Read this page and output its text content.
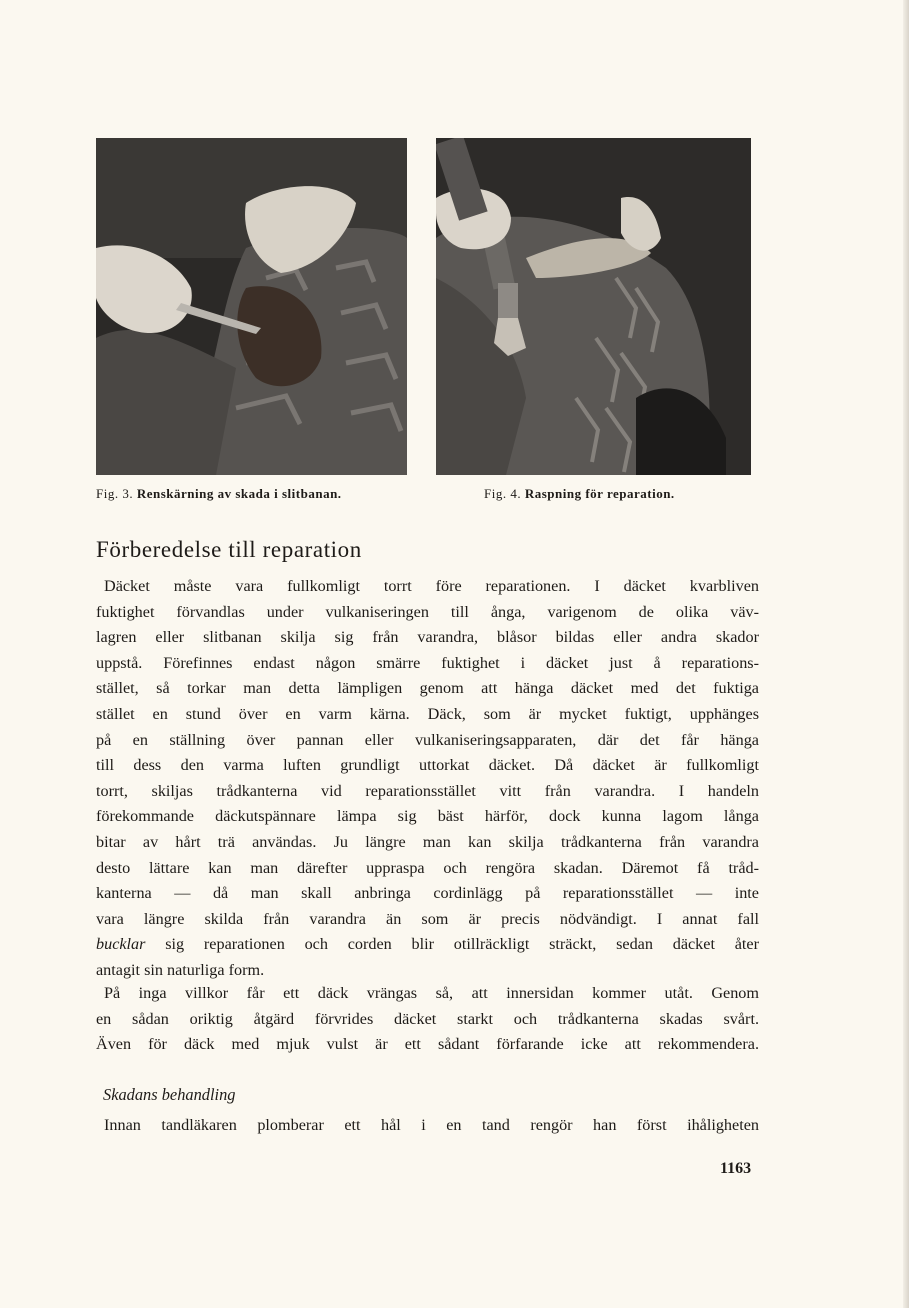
Fig. 3. Renskärning av skada i slitbanan.	Fig. 4. Raspning för reparation.
Förberedelse till reparation
Däcket måste vara fullkomligt torrt före reparationen. I däcket kvarbliven
fuktighet förvandlas under vulkaniseringen till ånga, varigenom de olika väv-
lagren eller slitbanan skilja sig från varandra, blåsor bildas eller andra skador
uppstå. Förefinnes endast någon smärre fuktighet i däcket just å reparations-
stället, så torkar man detta lämpligen genom att hänga däcket med det fuktiga
stället en stund över en varm kärna. Däck, som är mycket fuktigt, upphänges
på en ställning över pannan eller vulkaniseringsapparaten, där det får hänga
till dess den varma luften grundligt uttorkat däcket. Då däcket är fullkomligt
torrt, skiljas trådkanterna vid reparationsstället vitt från varandra. I handeln
förekommande däckutspännare lämpa sig bäst härför, dock kunna lagom långa
bitar av hårt trä användas. Ju längre man kan skilja trådkanterna från varandra
desto lättare kan man därefter uppraspa och rengöra skadan. Däremot få tråd-
kanterna — då man skall anbringa cordinlägg på reparationsstället — inte
vara längre skilda från varandra än som är precis nödvändigt. I annat fall
bucklar sig reparationen och corden blir otillräckligt sträckt, sedan däcket åter
antagit sin naturliga form.
På inga villkor får ett däck vrängas så, att innersidan kommer utåt. Genom
en sådan oriktig åtgärd förvrides däcket starkt och trådkanterna skadas svårt.
Även för däck med mjuk vulst är ett sådant förfarande icke att rekommendera.
Skadans behandling
Innan tandläkaren plomberar ett hål i en tand rengör han först ihåligheten
1163
